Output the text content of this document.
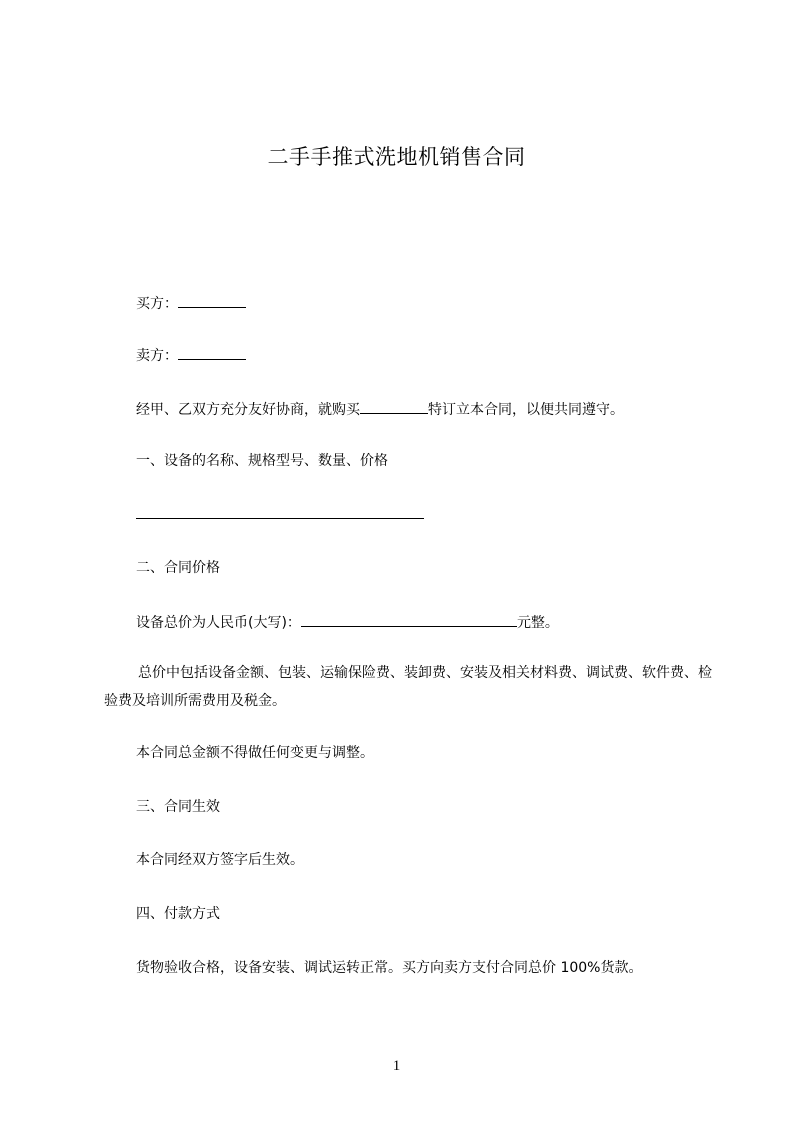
二手手推式洗地机销售合同
买方：
卖方：
经甲、乙双方充分友好协商，就购买	特订立本合同，以便共同遵守。
一、设备的名称、规格型号、数量、价格
二、合同价格
设备总价为人民币(大写)：	元整。
总价中包括设备金额、包装、运输保险费、装卸费、安装及相关材料费、调试费、软件费、检验费及培训所需费用及税金。
本合同总金额不得做任何变更与调整。
三、合同生效
本合同经双方签字后生效。
四、付款方式
货物验收合格，设备安装、调试运转正常。买方向卖方支付合同总价 100%货款。
1
